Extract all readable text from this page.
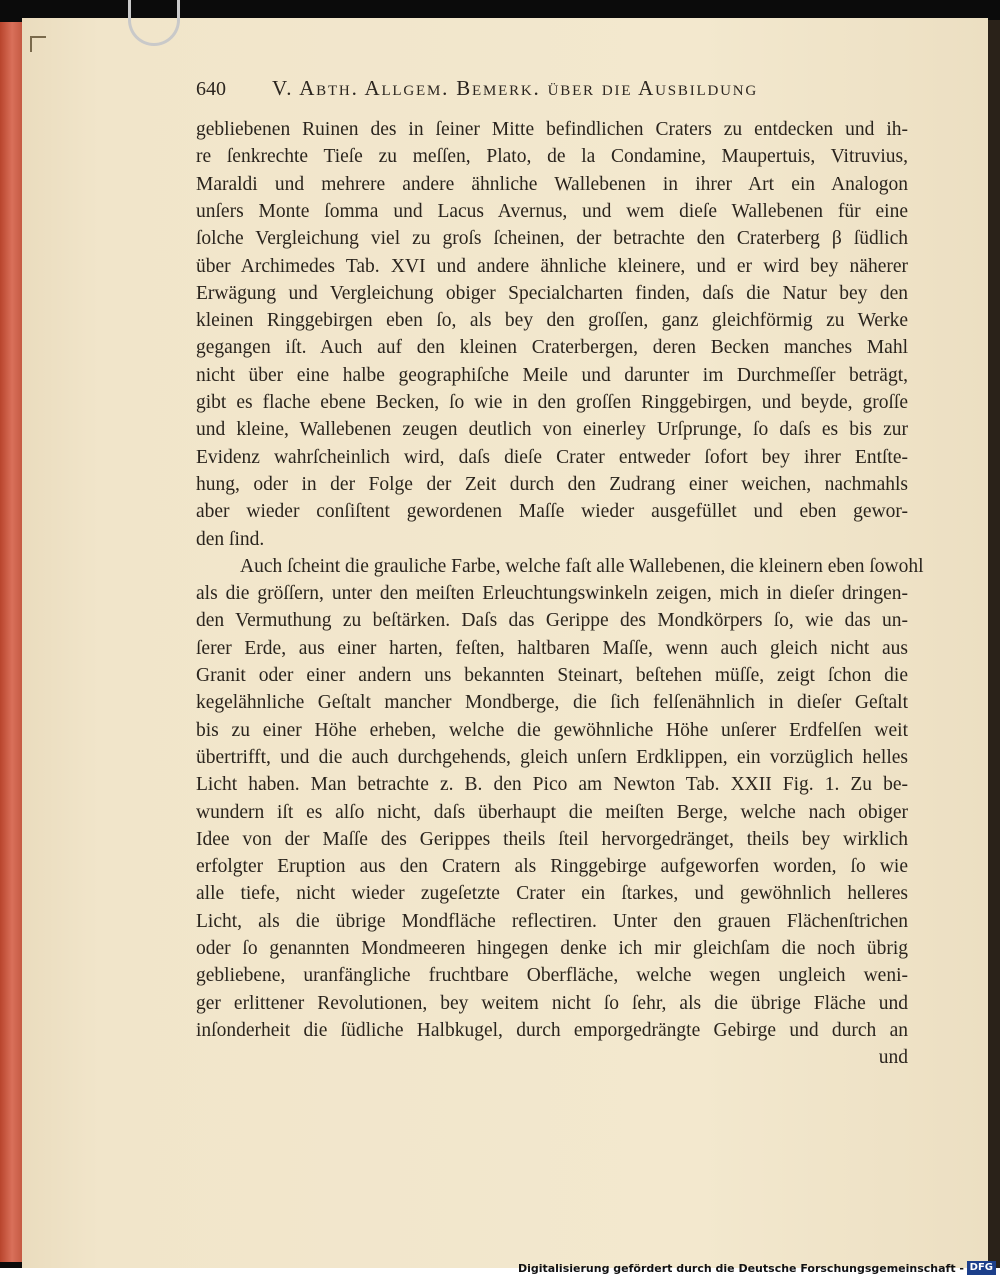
640 V. Abth. Allgem. Bemerk. über die Ausbildung
gebliebenen Ruinen des in ſeiner Mitte befindlichen Craters zu entdecken und ih-
re ſenkrechte Tieſe zu meſſen, Plato, de la Condamine, Maupertuis, Vitruvius,
Maraldi und mehrere andere ähnliche Wallebenen in ihrer Art ein Analogon
unſers Monte ſomma und Lacus Avernus, und wem dieſe Wallebenen für eine
ſolche Vergleichung viel zu groſs ſcheinen, der betrachte den Craterberg β ſüdlich
über Archimedes Tab. XVI und andere ähnliche kleinere, und er wird bey näherer
Erwägung und Vergleichung obiger Specialcharten finden, daſs die Natur bey den
kleinen Ringgebirgen eben ſo, als bey den groſſen, ganz gleichförmig zu Werke
gegangen iſt. Auch auf den kleinen Craterbergen, deren Becken manches Mahl
nicht über eine halbe geographiſche Meile und darunter im Durchmeſſer beträgt,
gibt es flache ebene Becken, ſo wie in den groſſen Ringgebirgen, und beyde, groſſe
und kleine, Wallebenen zeugen deutlich von einerley Urſprunge, ſo daſs es bis zur
Evidenz wahrſcheinlich wird, daſs dieſe Crater entweder ſofort bey ihrer Entſte-
hung, oder in der Folge der Zeit durch den Zudrang einer weichen, nachmahls
aber wieder conſiſtent gewordenen Maſſe wieder ausgefüllet und eben gewor-
den ſind.
Auch ſcheint die grauliche Farbe, welche faſt alle Wallebenen, die kleinern eben ſowohl
als die gröſſern, unter den meiſten Erleuchtungswinkeln zeigen, mich in dieſer dringen-
den Vermuthung zu beſtärken. Daſs das Gerippe des Mondkörpers ſo, wie das un-
ſerer Erde, aus einer harten, feſten, haltbaren Maſſe, wenn auch gleich nicht aus
Granit oder einer andern uns bekannten Steinart, beſtehen müſſe, zeigt ſchon die
kegelähnliche Geſtalt mancher Mondberge, die ſich felſenähnlich in dieſer Geſtalt
bis zu einer Höhe erheben, welche die gewöhnliche Höhe unſerer Erdfelſen weit
übertrifft, und die auch durchgehends, gleich unſern Erdklippen, ein vorzüglich helles
Licht haben. Man betrachte z. B. den Pico am Newton Tab. XXII Fig. 1. Zu be-
wundern iſt es alſo nicht, daſs überhaupt die meiſten Berge, welche nach obiger
Idee von der Maſſe des Gerippes theils ſteil hervorgedränget, theils bey wirklich
erfolgter Eruption aus den Cratern als Ringgebirge aufgeworfen worden, ſo wie
alle tiefe, nicht wieder zugeſetzte Crater ein ſtarkes, und gewöhnlich helleres
Licht, als die übrige Mondfläche reflectiren. Unter den grauen Flächenſtrichen
oder ſo genannten Mondmeeren hingegen denke ich mir gleichſam die noch übrig
gebliebene, uranfängliche fruchtbare Oberfläche, welche wegen ungleich weni-
ger erlittener Revolutionen, bey weitem nicht ſo ſehr, als die übrige Fläche und
inſonderheit die ſüdliche Halbkugel, durch emporgedrängte Gebirge und durch an
und
Digitalisierung gefördert durch die Deutsche Forschungsgemeinschaft - DFG
